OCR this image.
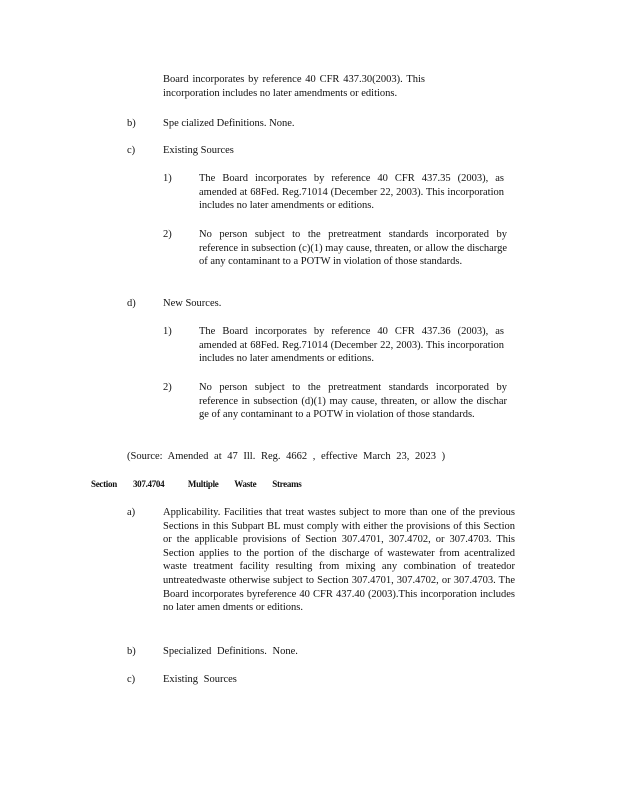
Board incorporates by reference 40 CFR 437.30(2003). This incorporation includes no later amendments or editions.

b)	Spe cialized Definitions. None.

c)	Existing Sources

1)	The Board incorporates by reference 40 CFR 437.35 (2003), as amended at 68Fed. Reg.71014 (December 22, 2003). This incorporation includes no later amendments or editions.

2)	No person subject to the pretreatment standards incorporated by reference in subsection (c)(1) may cause, threaten, or allow the discharge of any contaminant to a POTW in violation of those standards.

d)	New Sources.

1)	The Board incorporates by reference 40 CFR 437.36 (2003), as amended at 68Fed. Reg.71014 (December 22, 2003). This incorporation includes no later amendments or editions.

2)	No person subject to the pretreatment standards incorporated by reference in subsection (d)(1) may cause, threaten, or allow the dischar ge of any contaminant to a POTW in violation of those standards.

(Source: Amended at 47 Ill. Reg. 4662 , effective March 23, 2023 )

Section 307.4704	Multiple Waste Streams
a)	Applicability. Facilities that treat wastes subject to more than one of the previous Sections in this Subpart BL must comply with either the provisions of this Section or the applicable provisions of Section 307.4701, 307.4702, or 307.4703. This Section applies to the portion of the discharge of wastewater from acentralized waste treatment facility resulting from mixing any combination of treatedor untreatedwaste otherwise subject to Section 307.4701, 307.4702, or 307.4703. The Board incorporates byreference 40 CFR 437.40 (2003).This incorporation includes no later amen dments or editions.

b)	Specialized Definitions. None.

c)	Existing Sources
